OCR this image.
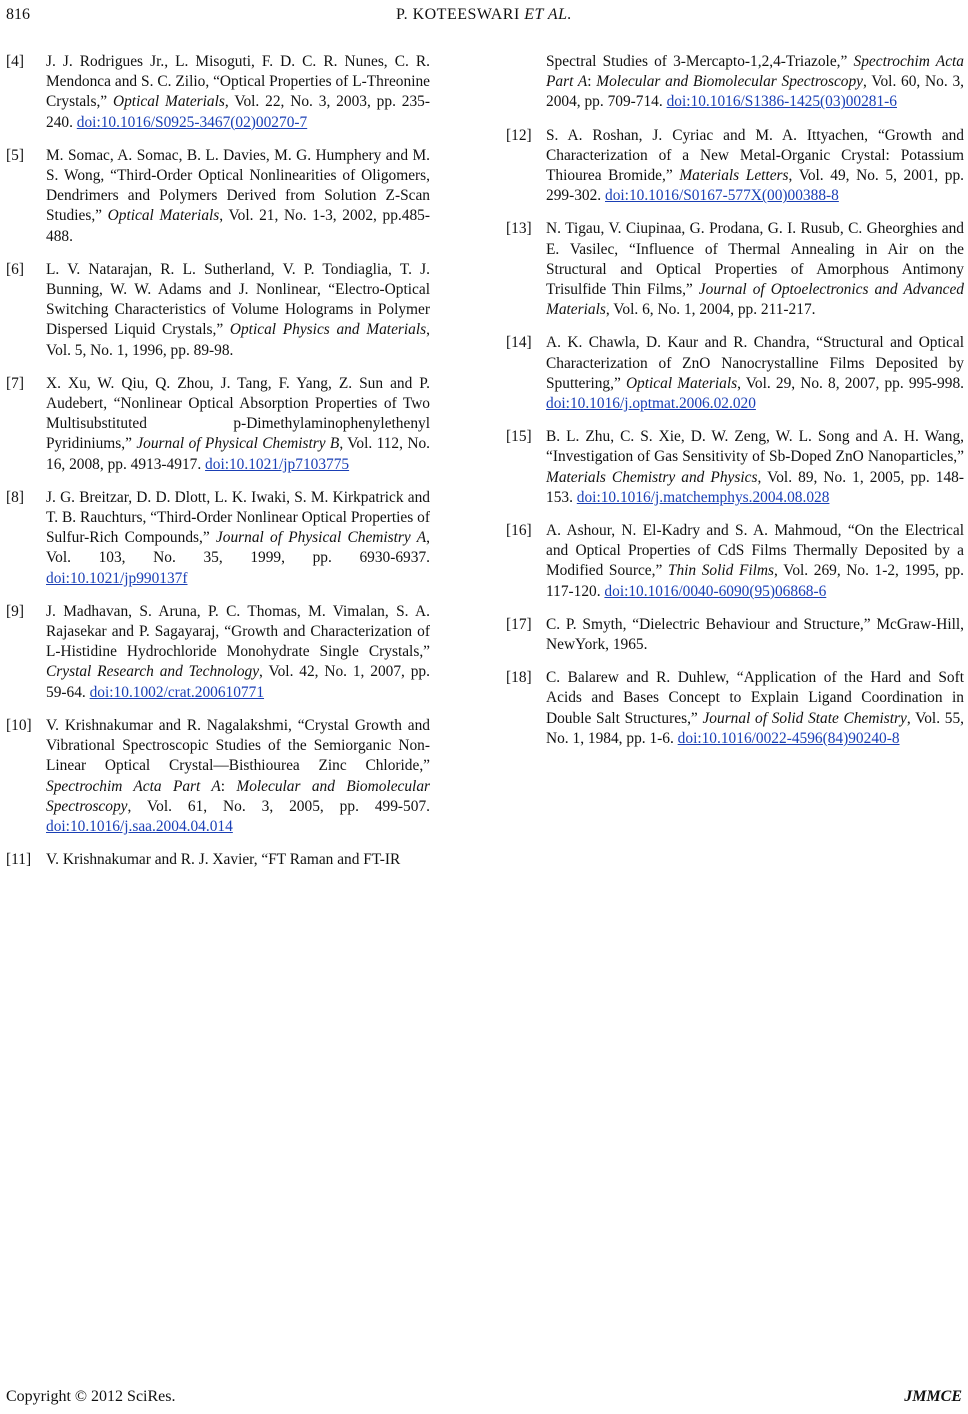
816	P. KOTEESWARI ET AL.
[4] J. J. Rodrigues Jr., L. Misoguti, F. D. C. R. Nunes, C. R. Mendonca and S. C. Zilio, “Optical Properties of L-Threonine Crystals,” Optical Materials, Vol. 22, No. 3, 2003, pp. 235-240. doi:10.1016/S0925-3467(02)00270-7
[5] M. Somac, A. Somac, B. L. Davies, M. G. Humphery and M. S. Wong, “Third-Order Optical Nonlinearities of Oligomers, Dendrimers and Polymers Derived from Solution Z-Scan Studies,” Optical Materials, Vol. 21, No. 1-3, 2002, pp.485-488.
[6] L. V. Natarajan, R. L. Sutherland, V. P. Tondiaglia, T. J. Bunning, W. W. Adams and J. Nonlinear, “Electro-Optical Switching Characteristics of Volume Holograms in Polymer Dispersed Liquid Crystals,” Optical Physics and Materials, Vol. 5, No. 1, 1996, pp. 89-98.
[7] X. Xu, W. Qiu, Q. Zhou, J. Tang, F. Yang, Z. Sun and P. Audebert, “Nonlinear Optical Absorption Properties of Two Multisubstituted p-Dimethylaminophenylethenyl Pyridiniums,” Journal of Physical Chemistry B, Vol. 112, No. 16, 2008, pp. 4913-4917. doi:10.1021/jp7103775
[8] J. G. Breitzar, D. D. Dlott, L. K. Iwaki, S. M. Kirkpatrick and T. B. Rauchturs, “Third-Order Nonlinear Optical Properties of Sulfur-Rich Compounds,” Journal of Physical Chemistry A, Vol. 103, No. 35, 1999, pp. 6930-6937. doi:10.1021/jp990137f
[9] J. Madhavan, S. Aruna, P. C. Thomas, M. Vimalan, S. A. Rajasekar and P. Sagayaraj, “Growth and Characterization of L-Histidine Hydrochloride Monohydrate Single Crystals,” Crystal Research and Technology, Vol. 42, No. 1, 2007, pp. 59-64. doi:10.1002/crat.200610771
[10] V. Krishnakumar and R. Nagalakshmi, “Crystal Growth and Vibrational Spectroscopic Studies of the Semiorganic Non-Linear Optical Crystal—Bisthiourea Zinc Chloride,” Spectrochim Acta Part A: Molecular and Biomolecular Spectroscopy, Vol. 61, No. 3, 2005, pp. 499-507. doi:10.1016/j.saa.2004.04.014
[11] V. Krishnakumar and R. J. Xavier, “FT Raman and FT-IR
Spectral Studies of 3-Mercapto-1,2,4-Triazole,” Spectrochim Acta Part A: Molecular and Biomolecular Spectroscopy, Vol. 60, No. 3, 2004, pp. 709-714. doi:10.1016/S1386-1425(03)00281-6
[12] S. A. Roshan, J. Cyriac and M. A. Ittyachen, “Growth and Characterization of a New Metal-Organic Crystal: Potassium Thiourea Bromide,” Materials Letters, Vol. 49, No. 5, 2001, pp. 299-302. doi:10.1016/S0167-577X(00)00388-8
[13] N. Tigau, V. Ciupinaa, G. Prodana, G. I. Rusub, C. Gheorghies and E. Vasilec, “Influence of Thermal Annealing in Air on the Structural and Optical Properties of Amorphous Antimony Trisulfide Thin Films,” Journal of Optoelectronics and Advanced Materials, Vol. 6, No. 1, 2004, pp. 211-217.
[14] A. K. Chawla, D. Kaur and R. Chandra, “Structural and Optical Characterization of ZnO Nanocrystalline Films Deposited by Sputtering,” Optical Materials, Vol. 29, No. 8, 2007, pp. 995-998. doi:10.1016/j.optmat.2006.02.020
[15] B. L. Zhu, C. S. Xie, D. W. Zeng, W. L. Song and A. H. Wang, “Investigation of Gas Sensitivity of Sb-Doped ZnO Nanoparticles,” Materials Chemistry and Physics, Vol. 89, No. 1, 2005, pp. 148-153. doi:10.1016/j.matchemphys.2004.08.028
[16] A. Ashour, N. El-Kadry and S. A. Mahmoud, “On the Electrical and Optical Properties of CdS Films Thermally Deposited by a Modified Source,” Thin Solid Films, Vol. 269, No. 1-2, 1995, pp. 117-120. doi:10.1016/0040-6090(95)06868-6
[17] C. P. Smyth, “Dielectric Behaviour and Structure,” McGraw-Hill, NewYork, 1965.
[18] C. Balarew and R. Duhlew, “Application of the Hard and Soft Acids and Bases Concept to Explain Ligand Coordination in Double Salt Structures,” Journal of Solid State Chemistry, Vol. 55, No. 1, 1984, pp. 1-6. doi:10.1016/0022-4596(84)90240-8
Copyright © 2012 SciRes.	JMMCE
